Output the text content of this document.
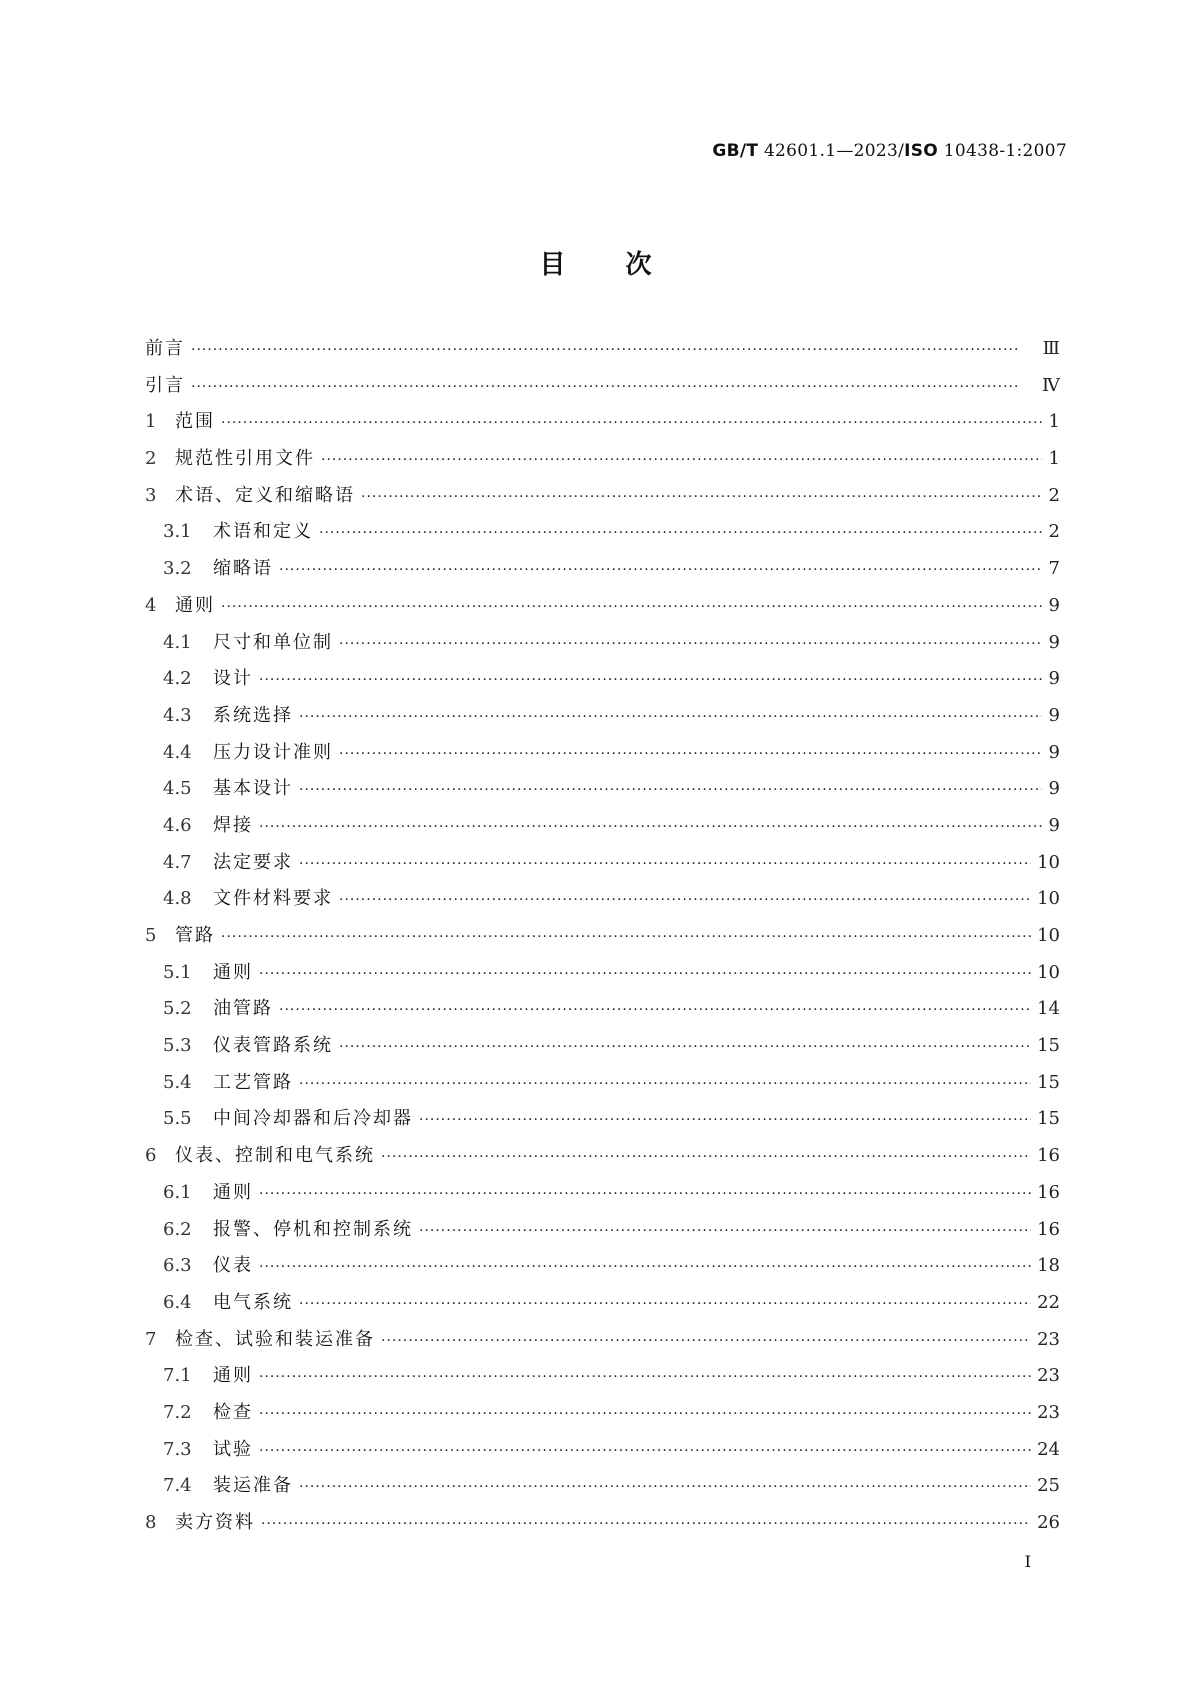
GB/T 42601.1—2023/ISO 10438-1:2007
目次
前言 ·····	Ⅲ
引言 ·····	Ⅳ
1	范围 ·····	1
2	规范性引用文件 ·····	1
3	术语、定义和缩略语 ·····	2
3.1	术语和定义 ·····	2
3.2	缩略语 ·····	7
4	通则 ·····	9
4.1	尺寸和单位制 ·····	9
4.2	设计 ·····	9
4.3	系统选择 ·····	9
4.4	压力设计准则 ·····	9
4.5	基本设计 ·····	9
4.6	焊接 ·····	9
4.7	法定要求 ·····	10
4.8	文件材料要求 ·····	10
5	管路 ·····	10
5.1	通则 ·····	10
5.2	油管路 ·····	14
5.3	仪表管路系统 ·····	15
5.4	工艺管路 ·····	15
5.5	中间冷却器和后冷却器 ·····	15
6	仪表、控制和电气系统 ·····	16
6.1	通则 ·····	16
6.2	报警、停机和控制系统 ·····	16
6.3	仪表 ·····	18
6.4	电气系统 ·····	22
7	检查、试验和装运准备 ·····	23
7.1	通则 ·····	23
7.2	检查 ·····	23
7.3	试验 ·····	24
7.4	装运准备 ·····	25
8	卖方资料 ·····	26
Ⅰ
